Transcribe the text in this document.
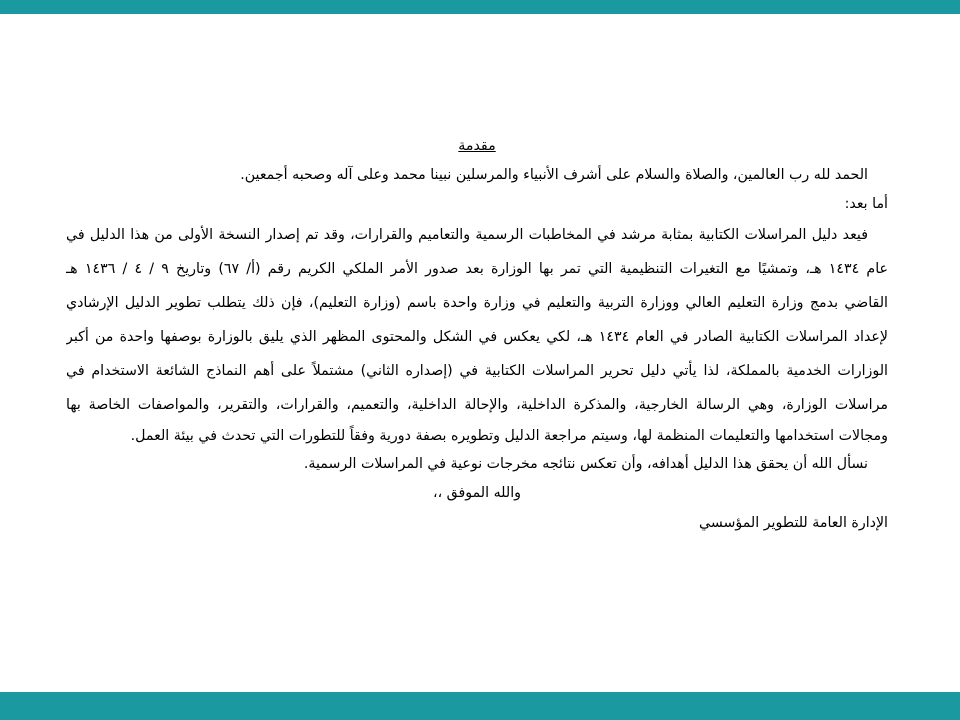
مقدمة
الحمد لله رب العالمين، والصلاة والسلام على أشرف الأنبياء والمرسلين نبينا محمد وعلى آله وصحبه أجمعين.
أما بعد:
فيعد دليل المراسلات الكتابية بمثابة مرشد في المخاطبات الرسمية والتعاميم والقرارات، وقد تم إصدار النسخة الأولى من هذا الدليل في
عام ١٤٣٤ هـ، وتمشيًا مع التغيرات التنظيمية التي تمر بها الوزارة بعد صدور الأمر الملكي الكريم رقم (أ/ ٦٧) وتاريخ ٩ / ٤ / ١٤٣٦ هـ
القاضي بدمج وزارة التعليم العالي ووزارة التربية والتعليم في وزارة واحدة باسم (وزارة التعليم)، فإن ذلك يتطلب تطوير الدليل الإرشادي
لإعداد المراسلات الكتابية الصادر في العام ١٤٣٤ هـ، لكي يعكس في الشكل والمحتوى المظهر الذي يليق بالوزارة بوصفها واحدة من أكبر
الوزارات الخدمية بالمملكة، لذا يأتي دليل تحرير المراسلات الكتابية في (إصداره الثاني) مشتملاً على أهم النماذج الشائعة الاستخدام في
مراسلات الوزارة، وهي الرسالة الخارجية، والمذكرة الداخلية، والإحالة الداخلية، والتعميم، والقرارات، والتقرير، والمواصفات الخاصة بها
ومجالات استخدامها والتعليمات المنظمة لها، وسيتم مراجعة الدليل وتطويره بصفة دورية وفقاً للتطورات التي تحدث في بيئة العمل.
نسأل الله أن يحقق هذا الدليل أهدافه، وأن تعكس نتائجه مخرجات نوعية في المراسلات الرسمية.
والله الموفق ،،
الإدارة العامة للتطوير المؤسسي
